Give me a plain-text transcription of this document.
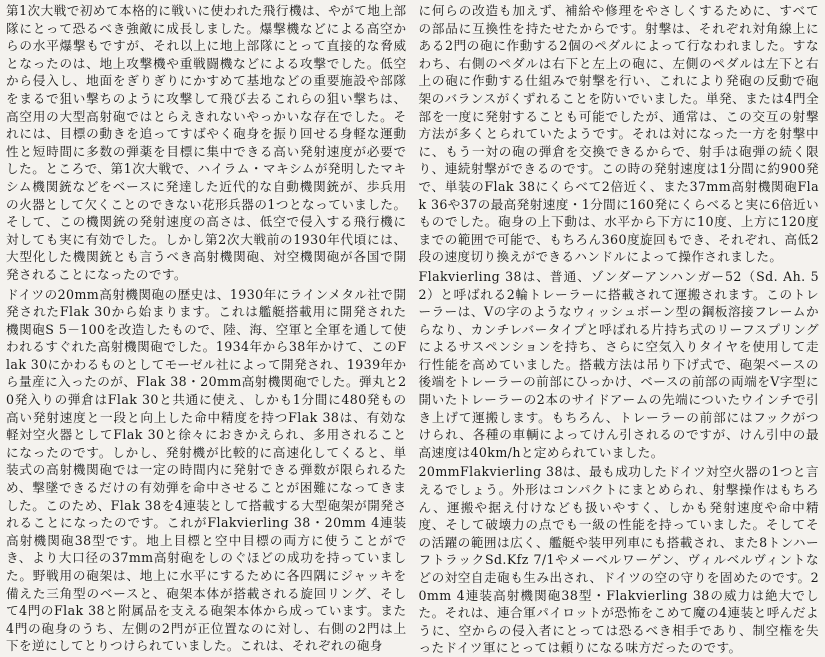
第1次大戦で初めて本格的に戦いに使われた飛行機は、やがて地上部隊にとって恐るべき強敵に成長しました。爆撃機などによる高空からの水平爆撃もですが、それ以上に地上部隊にとって直接的な脅威となったのは、地上攻撃機や重戦闘機などによる攻撃でした。低空から侵入し、地面をぎりぎりにかすめて基地などの重要施設や部隊をまるで狙い撃ちのように攻撃して飛び去るこれらの狙い撃ちは、高空用の大型高射砲ではとらえきれないやっかいな存在でした。それには、目標の動きを追ってすばやく砲身を振り回せる身軽な運動性と短時間に多数の弾薬を目標に集中できる高い発射速度が必要でした。ところで、第1次大戦で、ハイラム・マキシムが発明したマキシム機関銃などをベースに発達した近代的な自動機関銃が、歩兵用の火器として欠くことのできない花形兵器の1つとなっていました。そして、この機関銃の発射速度の高さは、低空で侵入する飛行機に対しても実に有効でした。しかし第2次大戦前の1930年代頃には、大型化した機関銃とも言うべき高射機関砲、対空機関砲が各国で開発されることになったのです。

ドイツの20mm高射機関砲の歴史は、1930年にラインメタル社で開発されたFlak 30から始まります。これは艦艇搭載用に開発された機関砲S 5－100を改造したもので、陸、海、空軍と全軍を通して使われるすぐれた高射機関砲でした。1934年から38年かけて、このFlak 30にかわるものとしてモーゼル社によって開発され、1939年から量産に入ったのが、Flak 38・20mm高射機関砲でした。弾丸と20発入りの弾倉はFlak 30と共通に使え、しかも1分間に480発もの高い発射速度と一段と向上した命中精度を持つFlak 38は、有効な軽対空火器としてFlak 30と徐々におきかえられ、多用されることになったのです。しかし、発射機が比較的に高速化してくると、単装式の高射機関砲では一定の時間内に発射できる弾数が限られるため、撃墜できるだけの有効弾を命中させることが困難になってきました。このため、Flak 38を4連装として搭載する大型砲架が開発されることになったのです。これがFlakvierling 38・20mm 4連装高射機関砲38型です。地上目標と空中目標の両方に使うことができ、より大口径の37mm高射砲をしのぐほどの成功を持っていました。野戦用の砲架は、地上に水平にするために各四隅にジャッキを備えた三角型のベースと、砲架本体が搭載される旋回リング、そして4門のFlak 38と附属品を支える砲架本体から成っています。また4門の砲身のうち、左側の2門が正位置なのに対し、右側の2門は上下を逆にしてとりつけられていました。これは、それぞれの砲身

に何らの改造も加えず、補給や修理をやさしくするために、すべての部品に互換性を持たせたからです。射撃は、それぞれ対角線上にある2門の砲に作動する2個のペダルによって行なわれました。すなわち、右側のペダルは右下と左上の砲に、左側のペダルは左下と右上の砲に作動する仕組みで射撃を行い、これにより発砲の反動で砲架のバランスがくずれることを防いでいました。単発、または4門全部を一度に発射することも可能でしたが、通常は、この交互の射撃方法が多くとられていたようです。それは対になった一方を射撃中に、もう一対の砲の弾倉を交換できるからで、射手は砲弾の続く限り、連続射撃ができるのです。この時の発射速度は1分間に約900発で、単装のFlak 38にくらべて2倍近く、また37mm高射機関砲Flak 36や37の最高発射速度・1分間に160発にくらべると実に6倍近いものでした。砲身の上下動は、水平から下方に10度、上方に120度までの範囲で可能で、もちろん360度旋回もでき、それぞれ、高低2段の速度切り換えができるハンドルによって操作されました。

Flakvierling 38は、普通、ゾンダーアンハンガー52（Sd. Ah. 52）と呼ばれる2輪トレーラーに搭載されて運搬されます。このトレーラーは、Vの字のようなウィッシュボーン型の鋼板溶接フレームからなり、カンチレバータイプと呼ばれる片持ち式のリーフスプリングによるサスペンションを持ち、さらに空気入りタイヤを使用して走行性能を高めていました。搭載方法は吊り下げ式で、砲架ベースの後端をトレーラーの前部にひっかけ、ベースの前部の両端をV字型に開いたトレーラーの2本のサイドアームの先端についたウインチで引き上げて運搬します。もちろん、トレーラーの前部にはフックがつけられ、各種の車輌によってけん引されるのですが、けん引中の最高速度は40km/hと定められていました。

20mmFlakvierling 38は、最も成功したドイツ対空火器の1つと言えるでしょう。外形はコンパクトにまとめられ、射撃操作はもちろん、運搬や据え付けなども扱いやすく、しかも発射速度や命中精度、そして破壊力の点でも一級の性能を持っていました。そしてその活躍の範囲は広く、艦艇や装甲列車にも搭載され、また8トンハーフトラックSd.Kfz 7/1やメーベルワーゲン、ヴィルベルヴィントなどの対空自走砲も生み出され、ドイツの空の守りを固めたのです。20mm 4連装高射機関砲38型・Flakvierling 38の威力は絶大でした。それは、連合軍パイロットが恐怖をこめて魔の4連装と呼んだように、空からの侵入者にとっては恐るべき相手であり、制空権を失ったドイツ軍にとっては頼りになる味方だったのです。
